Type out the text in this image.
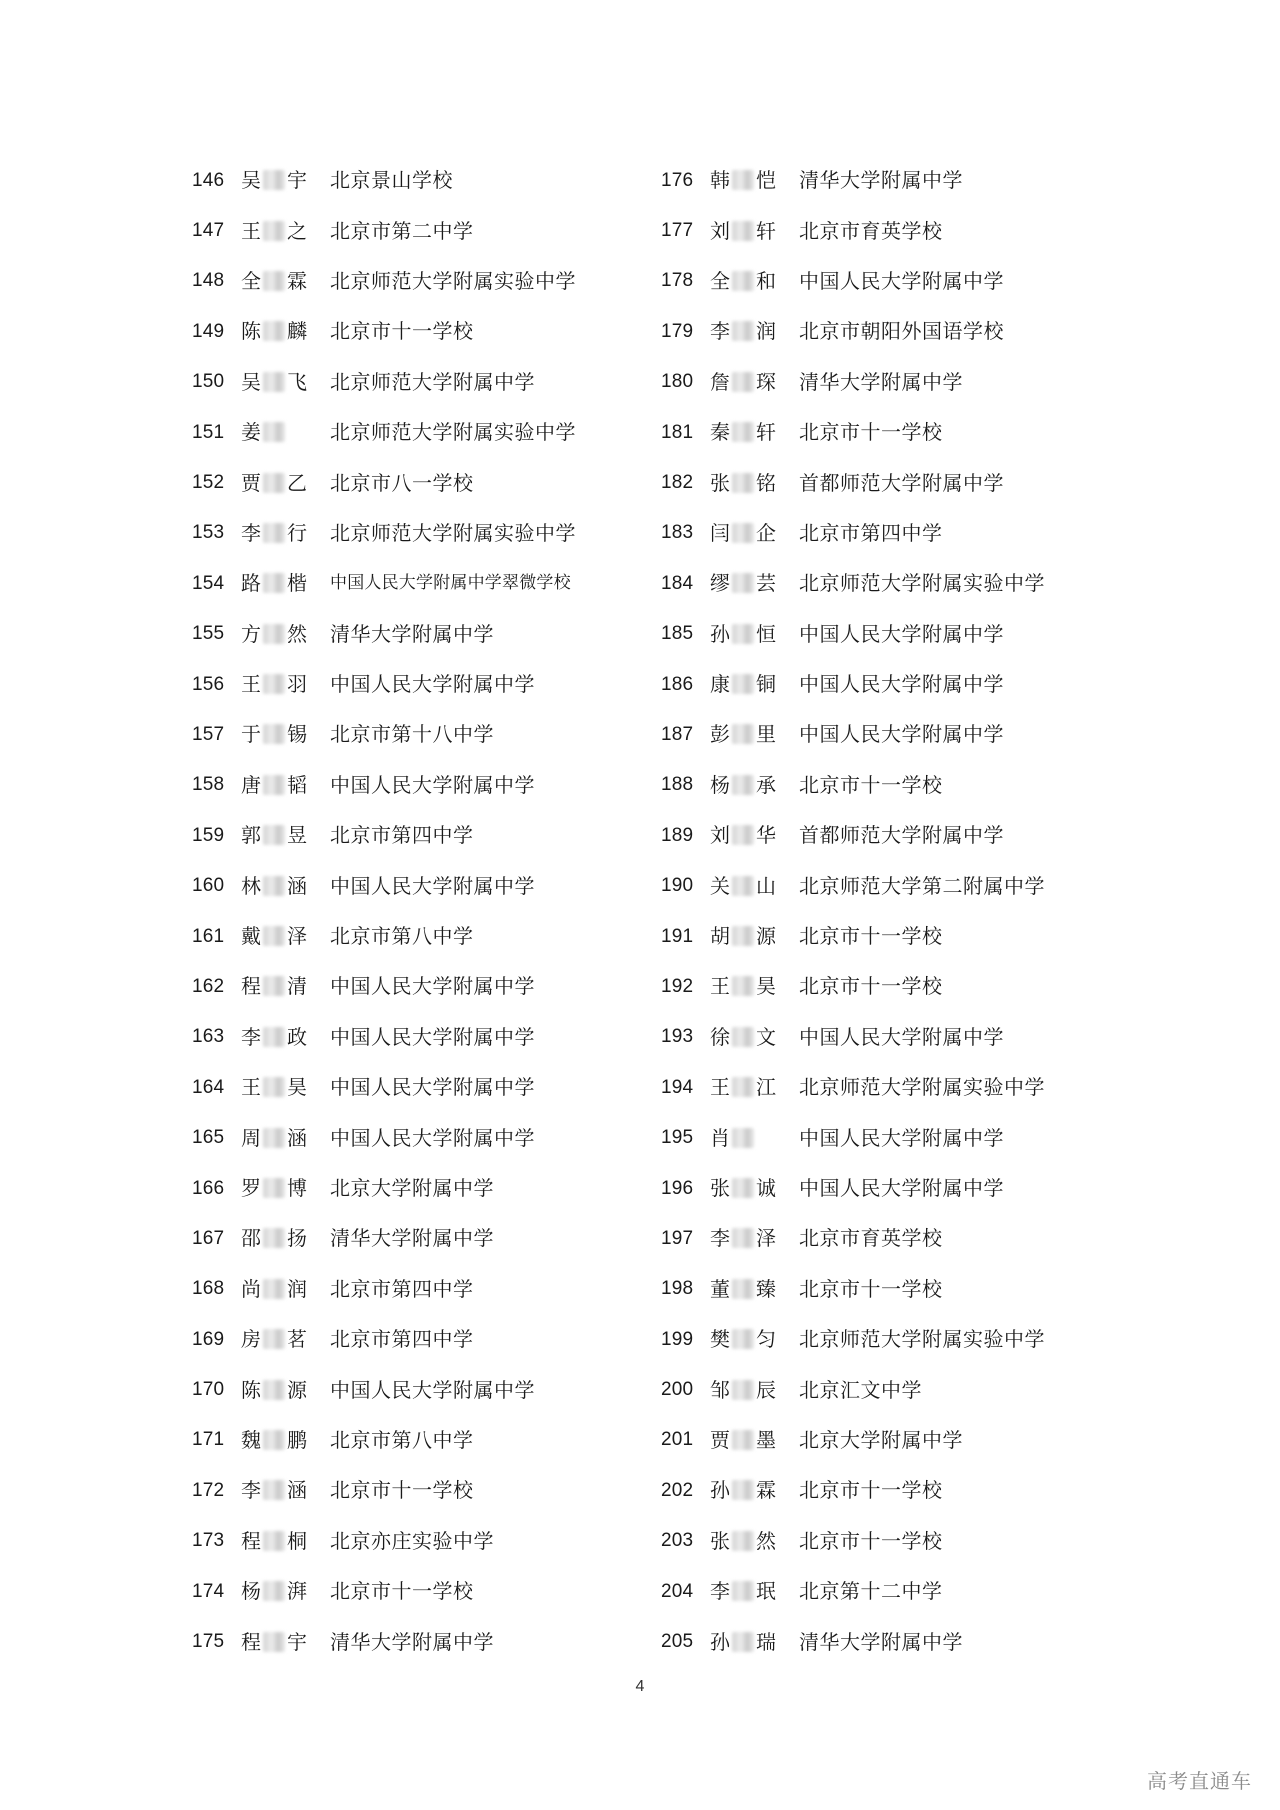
146 吴 宇	北京景山学校
147 王 之	北京市第二中学
148 全 霖	北京师范大学附属实验中学
149 陈 麟	北京市十一学校
150 吴 飞	北京师范大学附属中学
151 姜	北京师范大学附属实验中学
152 贾 乙	北京市八一学校
153 李 行	北京师范大学附属实验中学
154 路 楷	中国人民大学附属中学翠微学校
155 方 然	清华大学附属中学
156 王 羽	中国人民大学附属中学
157 于 锡	北京市第十八中学
158 唐 韬	中国人民大学附属中学
159 郭 昱	北京市第四中学
160 林 涵	中国人民大学附属中学
161 戴 泽	北京市第八中学
162 程 清	中国人民大学附属中学
163 李 政	中国人民大学附属中学
164 王 昊	中国人民大学附属中学
165 周 涵	中国人民大学附属中学
166 罗 博	北京大学附属中学
167 邵 扬	清华大学附属中学
168 尚 润	北京市第四中学
169 房 茗	北京市第四中学
170 陈 源	中国人民大学附属中学
171 魏 鹏	北京市第八中学
172 李 涵	北京市十一学校
173 程 桐	北京亦庄实验中学
174 杨 湃	北京市十一学校
175 程 宇	清华大学附属中学
176 韩 恺	清华大学附属中学
177 刘 轩	北京市育英学校
178 全 和	中国人民大学附属中学
179 李 润	北京市朝阳外国语学校
180 詹 琛	清华大学附属中学
181 秦 轩	北京市十一学校
182 张 铭	首都师范大学附属中学
183 闫 企	北京市第四中学
184 缪 芸	北京师范大学附属实验中学
185 孙 恒	中国人民大学附属中学
186 康 铜	中国人民大学附属中学
187 彭 里	中国人民大学附属中学
188 杨 承	北京市十一学校
189 刘 华	首都师范大学附属中学
190 关 山	北京师范大学第二附属中学
191 胡 源	北京市十一学校
192 王 昊	北京市十一学校
193 徐 文	中国人民大学附属中学
194 王 江	北京师范大学附属实验中学
195 肖	中国人民大学附属中学
196 张 诚	中国人民大学附属中学
197 李 泽	北京市育英学校
198 董 臻	北京市十一学校
199 樊 匀	北京师范大学附属实验中学
200 邹 辰	北京汇文中学
201 贾 墨	北京大学附属中学
202 孙 霖	北京市十一学校
203 张 然	北京市十一学校
204 李 珉	北京第十二中学
205 孙 瑞	清华大学附属中学
4
高考直通车
